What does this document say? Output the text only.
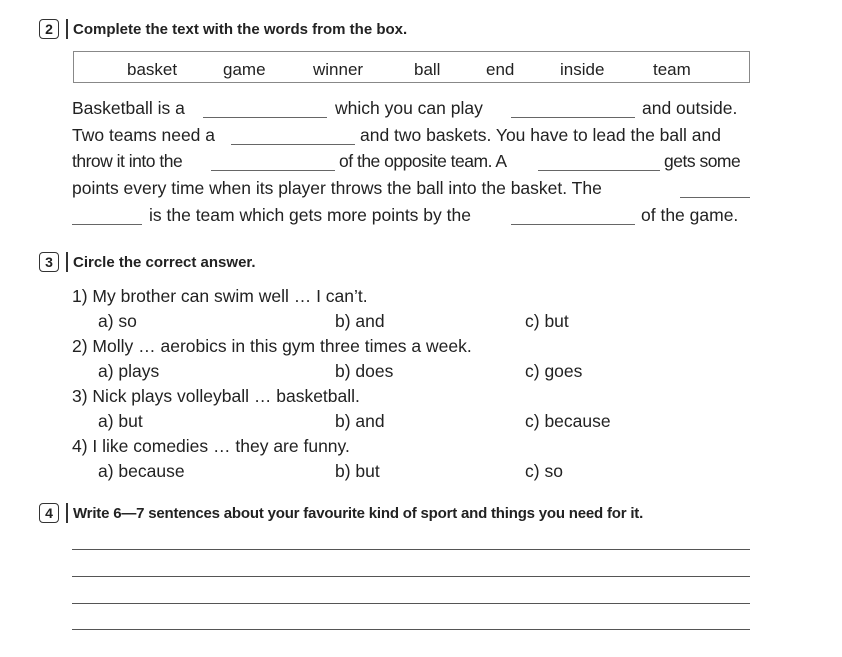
2	Complete the text with the words from the box.
basket	game	winner	ball	end	inside	team
Basketball is a	which you can play	and outside.
Two teams need a	and two baskets. You have to lead the ball and
throw it into the	of the opposite team. A	gets some
points every time when its player throws the ball into the basket. The
is the team which gets more points by the	of the game.
3	Circle the correct answer.
1) My brother can swim well … I can’t.
a) so	b) and	c) but
2) Molly … aerobics in this gym three times a week.
a) plays	b) does	c) goes
3) Nick plays volleyball … basketball.
a) but	b) and	c) because
4) I like comedies … they are funny.
a) because	b) but	c) so
4	Write 6—7 sentences about your favourite kind of sport and things you need for it.
